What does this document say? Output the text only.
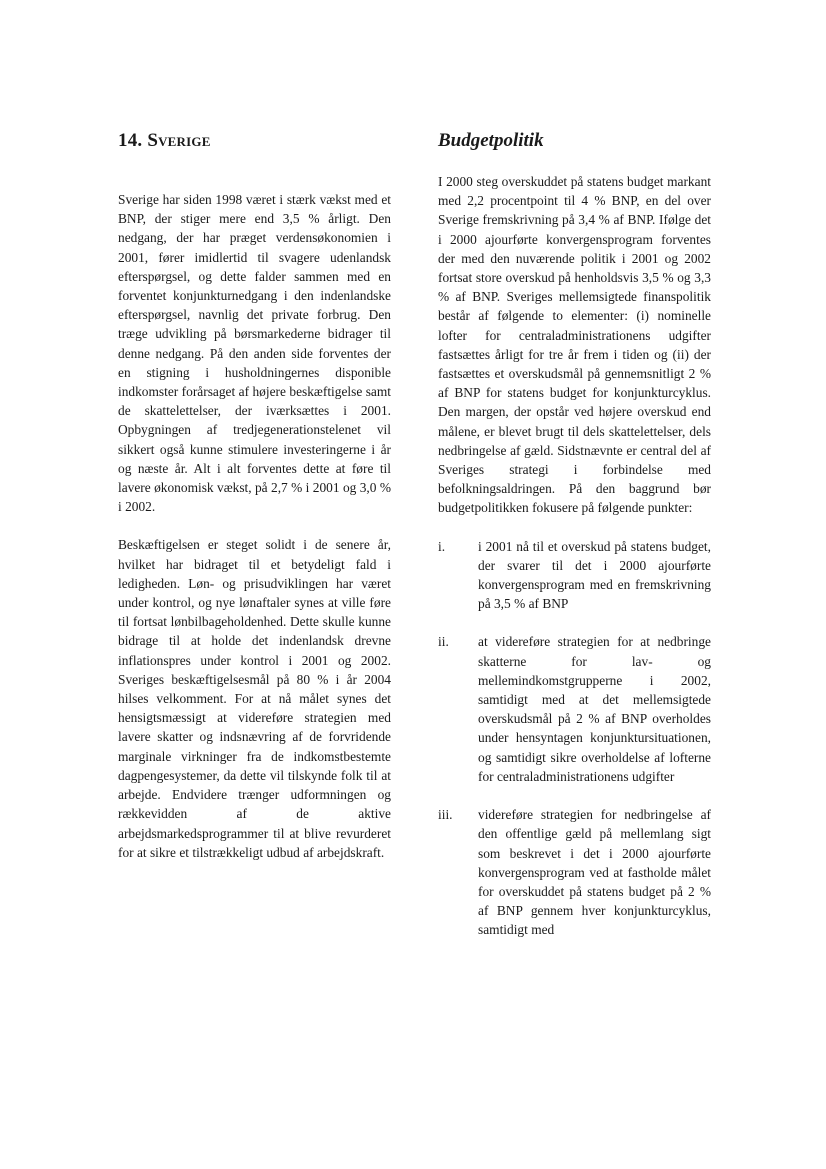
14. Sverige

Sverige har siden 1998 været i stærk vækst med et BNP, der stiger mere end 3,5 % årligt. Den nedgang, der har præget verdensøkonomien i 2001, fører imidlertid til svagere udenlandsk efterspørgsel, og dette falder sammen med en forventet konjunkturnedgang i den indenlandske efterspørgsel, navnlig det private forbrug. Den træge udvikling på børsmarkederne bidrager til denne nedgang. På den anden side forventes der en stigning i husholdningernes disponible indkomster forårsaget af højere beskæftigelse samt de skattelettelser, der iværksættes i 2001. Opbygningen af tredjegenerationstelenet vil sikkert også kunne stimulere investeringerne i år og næste år. Alt i alt forventes dette at føre til lavere økonomisk vækst, på 2,7 % i 2001 og 3,0 % i 2002.

Beskæftigelsen er steget solidt i de senere år, hvilket har bidraget til et betydeligt fald i ledigheden. Løn- og prisudviklingen har været under kontrol, og nye lønaftaler synes at ville føre til fortsat lønbilbageholdenhed. Dette skulle kunne bidrage til at holde det indenlandsk drevne inflationspres under kontrol i 2001 og 2002. Sveriges beskæftigelsesmål på 80 % i år 2004 hilses velkomment. For at nå målet synes det hensigtsmæssigt at videreføre strategien med lavere skatter og indsnævring af de forvridende marginale virkninger fra de indkomstbestemte dagpengesystemer, da dette vil tilskynde folk til at arbejde. Endvidere trænger udformningen og rækkevidden af de aktive arbejdsmarkedsprogrammer til at blive revurderet for at sikre et tilstrækkeligt udbud af arbejdskraft.

Budgetpolitik

I 2000 steg overskuddet på statens budget markant med 2,2 procentpoint til 4 % BNP, en del over Sverige fremskrivning på 3,4 % af BNP. Ifølge det i 2000 ajourførte konvergensprogram forventes der med den nuværende politik i 2001 og 2002 fortsat store overskud på henholdsvis 3,5 % og 3,3 % af BNP. Sveriges mellemsigtede finanspolitik består af følgende to elementer: (i) nominelle lofter for centraladministrationens udgifter fastsættes årligt for tre år frem i tiden og (ii) der fastsættes et overskudsmål på gennemsnitligt 2 % af BNP for statens budget for konjunkturcyklus. Den margen, der opstår ved højere overskud end målene, er blevet brugt til dels skattelettelser, dels nedbringelse af gæld. Sidstnævnte er central del af Sveriges strategi i forbindelse med befolkningsaldringen. På den baggrund bør budgetpolitikken fokusere på følgende punkter:

i. i 2001 nå til et overskud på statens budget, der svarer til det i 2000 ajourførte konvergensprogram med en fremskrivning på 3,5 % af BNP
ii. at videreføre strategien for at nedbringe skatterne for lav- og mellemindkomstgrupperne i 2002, samtidigt med at det mellemsigtede overskudsmål på 2 % af BNP overholdes under hensyntagen konjunktursituationen, og samtidigt sikre overholdelse af lofterne for centraladministrationens udgifter
iii. videreføre strategien for nedbringelse af den offentlige gæld på mellemlang sigt som beskrevet i det i 2000 ajourførte konvergensprogram ved at fastholde målet for overskuddet på statens budget på 2 % af BNP gennem hver konjunkturcyklus, samtidigt med
